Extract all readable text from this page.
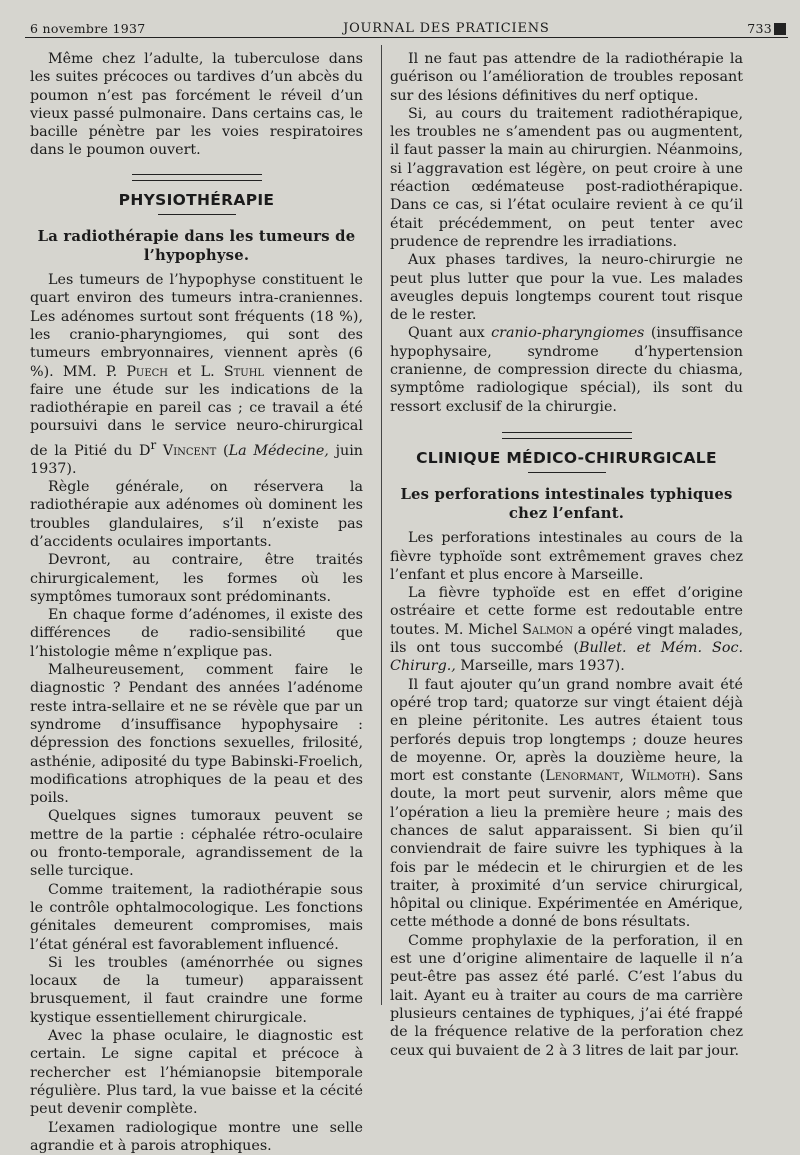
6 novembre 1937	JOURNAL DES PRATICIENS	733

Même chez l’adulte, la tuberculose dans les suites précoces ou tardives d’un abcès du poumon n’est pas forcément le réveil d’un vieux passé pulmonaire. Dans certains cas, le bacille pénètre par les voies respiratoires dans le poumon ouvert.

PHYSIOTHÉRAPIE
La radiothérapie dans les tumeurs de l’hypophyse.

Les tumeurs de l’hypophyse constituent le quart environ des tumeurs intra-craniennes. Les adénomes surtout sont fréquents (18 %), les cranio-pharyngiomes, qui sont des tumeurs embryonnaires, viennent après (6 %). MM. P. Puech et L. Stuhl viennent de faire une étude sur les indications de la radiothérapie en pareil cas ; ce travail a été poursuivi dans le service neuro-chirurgical de la Pitié du $D^r$ Vincent (La Médecine, juin 1937).

Règle générale, on réservera la radiothérapie aux adénomes où dominent les troubles glandulaires, s’il n’existe pas d’accidents oculaires importants.

Devront, au contraire, être traités chirurgicalement, les formes où les symptômes tumoraux sont prédominants.

En chaque forme d’adénomes, il existe des différences de radio-sensibilité que l’histologie même n’explique pas.

Malheureusement, comment faire le diagnostic ? Pendant des années l’adénome reste intra-sellaire et ne se révèle que par un syndrome d’insuffisance hypophysaire : dépression des fonctions sexuelles, frilosité, asthénie, adiposité du type Babinski-Froelich, modifications atrophiques de la peau et des poils.

Quelques signes tumoraux peuvent se mettre de la partie : céphalée rétro-oculaire ou fronto-temporale, agrandissement de la selle turcique.

Comme traitement, la radiothérapie sous le contrôle ophtalmocologique. Les fonctions génitales demeurent compromises, mais l’état général est favorablement influencé.

Si les troubles (aménorrhée ou signes locaux de la tumeur) apparaissent brusquement, il faut craindre une forme kystique essentiellement chirurgicale.

Avec la phase oculaire, le diagnostic est certain. Le signe capital et précoce à rechercher est l’hémianopsie bitemporale régulière. Plus tard, la vue baisse et la cécité peut devenir complète.

L’examen radiologique montre une selle agrandie et à parois atrophiques.

Il ne faut pas attendre de la radiothérapie la guérison ou l’amélioration de troubles reposant sur des lésions définitives du nerf optique.

Si, au cours du traitement radiothérapique, les troubles ne s’amendent pas ou augmentent, il faut passer la main au chirurgien. Néanmoins, si l’aggravation est légère, on peut croire à une réaction œdémateuse post-radiothérapique. Dans ce cas, si l’état oculaire revient à ce qu’il était précédemment, on peut tenter avec prudence de reprendre les irradiations.

Aux phases tardives, la neuro-chirurgie ne peut plus lutter que pour la vue. Les malades aveugles depuis longtemps courent tout risque de le rester.

Quant aux cranio-pharyngiomes (insuffisance hypophysaire, syndrome d’hypertension cranienne, de compression directe du chiasma, symptôme radiologique spécial), ils sont du ressort exclusif de la chirurgie.

CLINIQUE MÉDICO-CHIRURGICALE
Les perforations intestinales typhiques chez l’enfant.

Les perforations intestinales au cours de la fièvre typhoïde sont extrêmement graves chez l’enfant et plus encore à Marseille.

La fièvre typhoïde est en effet d’origine ostréaire et cette forme est redoutable entre toutes. M. Michel Salmon a opéré vingt malades, ils ont tous succombé (Bullet. et Mém. Soc. Chirurg., Marseille, mars 1937).

Il faut ajouter qu’un grand nombre avait été opéré trop tard; quatorze sur vingt étaient déjà en pleine péritonite. Les autres étaient tous perforés depuis trop longtemps ; douze heures de moyenne. Or, après la douzième heure, la mort est constante (Lenormant, Wilmoth). Sans doute, la mort peut survenir, alors même que l’opération a lieu la première heure ; mais des chances de salut apparaissent. Si bien qu’il conviendrait de faire suivre les typhiques à la fois par le médecin et le chirurgien et de les traiter, à proximité d’un service chirurgical, hôpital ou clinique. Expérimentée en Amérique, cette méthode a donné de bons résultats.

Comme prophylaxie de la perforation, il en est une d’origine alimentaire de laquelle il n’a peut-être pas assez été parlé. C’est l’abus du lait. Ayant eu à traiter au cours de ma carrière plusieurs centaines de typhiques, j’ai été frappé de la fréquence relative de la perforation chez ceux qui buvaient de 2 à 3 litres de lait par jour.
